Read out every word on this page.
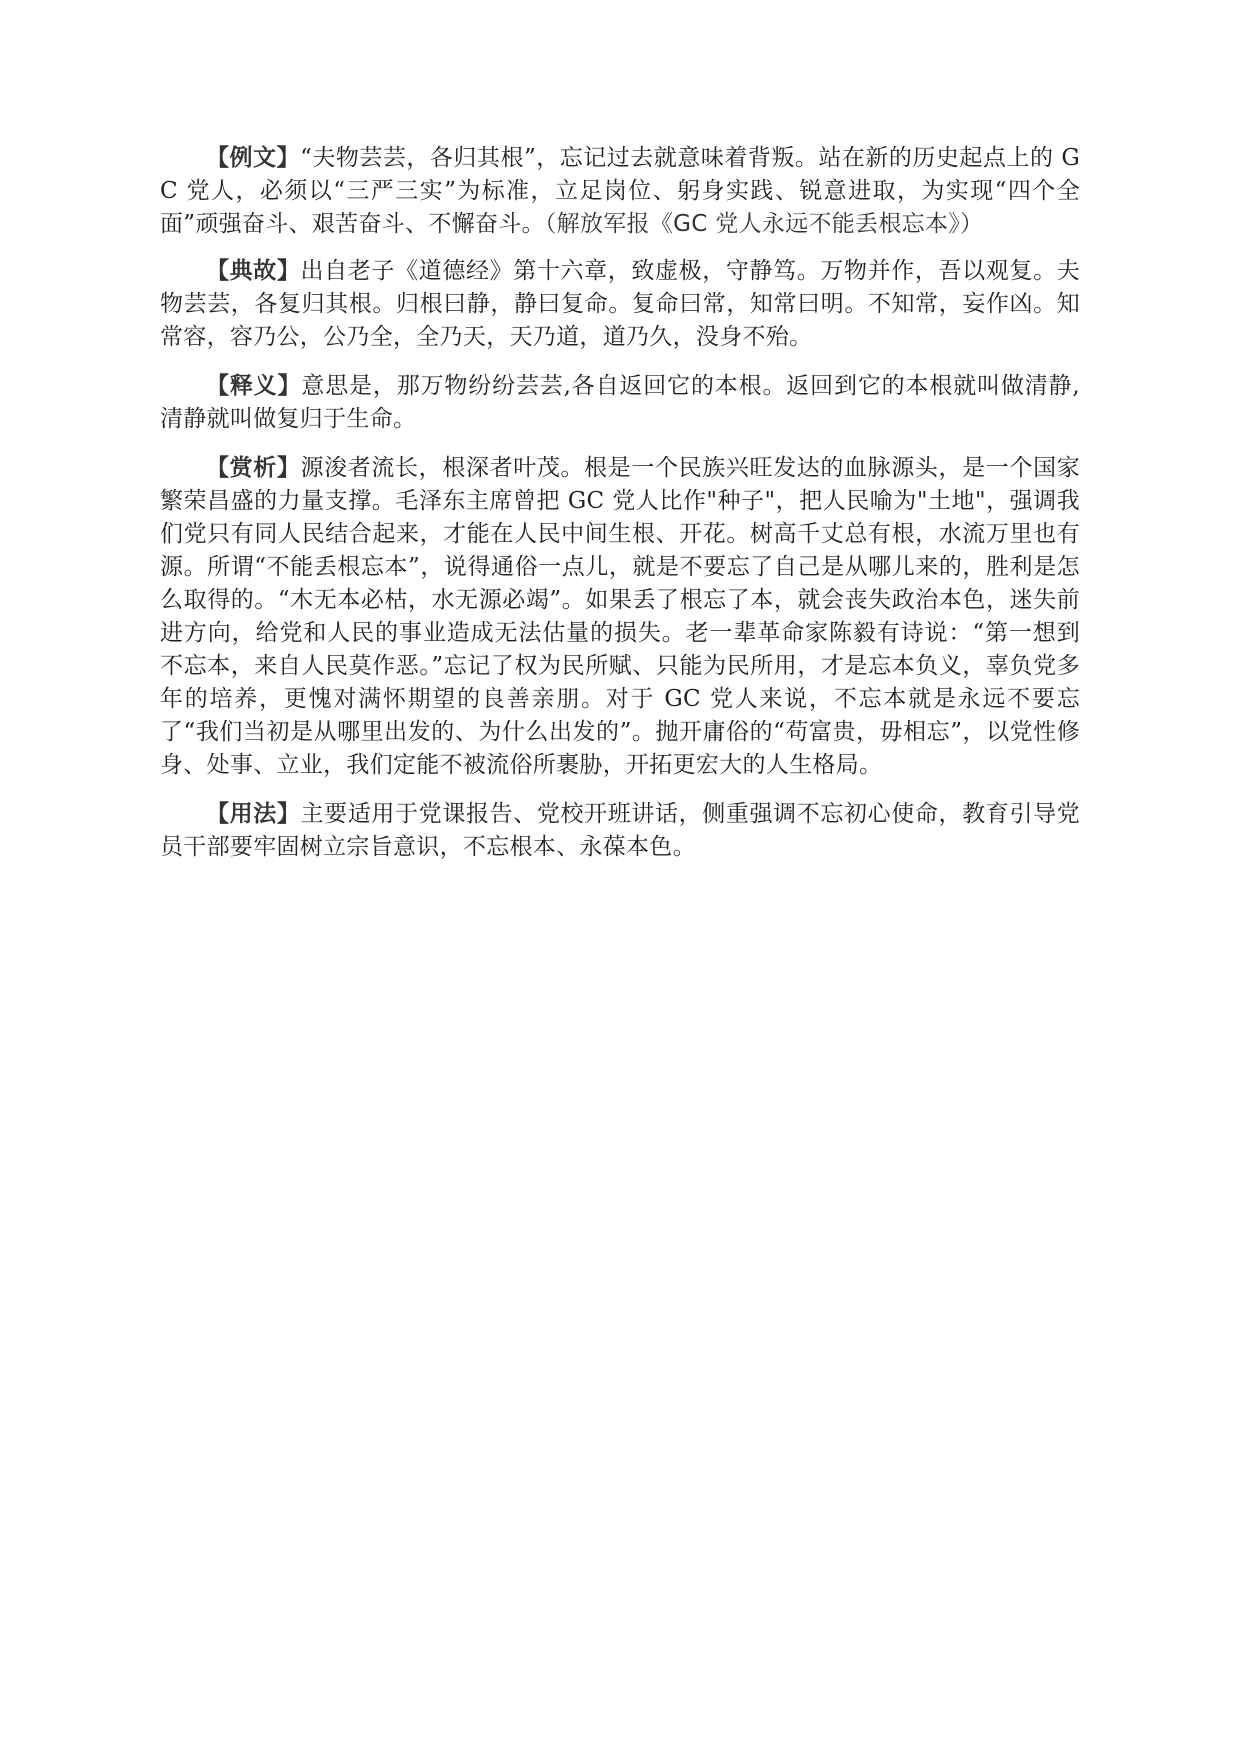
【例文】“夫物芸芸，各归其根”，忘记过去就意味着背叛。站在新的历史起点上的 GC 党人，必须以“三严三实”为标准，立足岗位、躬身实践、锐意进取，为实现“四个全面”顽强奋斗、艰苦奋斗、不懈奋斗。（解放军报《GC 党人永远不能丢根忘本》）

【典故】出自老子《道德经》第十六章，致虚极，守静笃。万物并作，吾以观复。夫物芸芸，各复归其根。归根曰静，静曰复命。复命曰常，知常曰明。不知常，妄作凶。知常容，容乃公，公乃全，全乃天，天乃道，道乃久，没身不殆。

【释义】意思是，那万物纷纷芸芸,各自返回它的本根。返回到它的本根就叫做清静,清静就叫做复归于生命。

【赏析】源浚者流长，根深者叶茂。根是一个民族兴旺发达的血脉源头，是一个国家繁荣昌盛的力量支撑。毛泽东主席曾把 GC 党人比作"种子"，把人民喻为"土地"，强调我们党只有同人民结合起来，才能在人民中间生根、开花。树高千丈总有根，水流万里也有源。所谓“不能丢根忘本”，说得通俗一点儿，就是不要忘了自己是从哪儿来的，胜利是怎么取得的。“木无本必枯，水无源必竭”。如果丢了根忘了本，就会丧失政治本色，迷失前进方向，给党和人民的事业造成无法估量的损失。老一辈革命家陈毅有诗说：“第一想到不忘本，来自人民莫作恶。”忘记了权为民所赋、只能为民所用，才是忘本负义，辜负党多年的培养，更愧对满怀期望的良善亲朋。对于 GC 党人来说，不忘本就是永远不要忘了“我们当初是从哪里出发的、为什么出发的”。抛开庸俗的“苟富贵，毋相忘”，以党性修身、处事、立业，我们定能不被流俗所裹胁，开拓更宏大的人生格局。

【用法】主要适用于党课报告、党校开班讲话，侧重强调不忘初心使命，教育引导党员干部要牢固树立宗旨意识，不忘根本、永葆本色。
